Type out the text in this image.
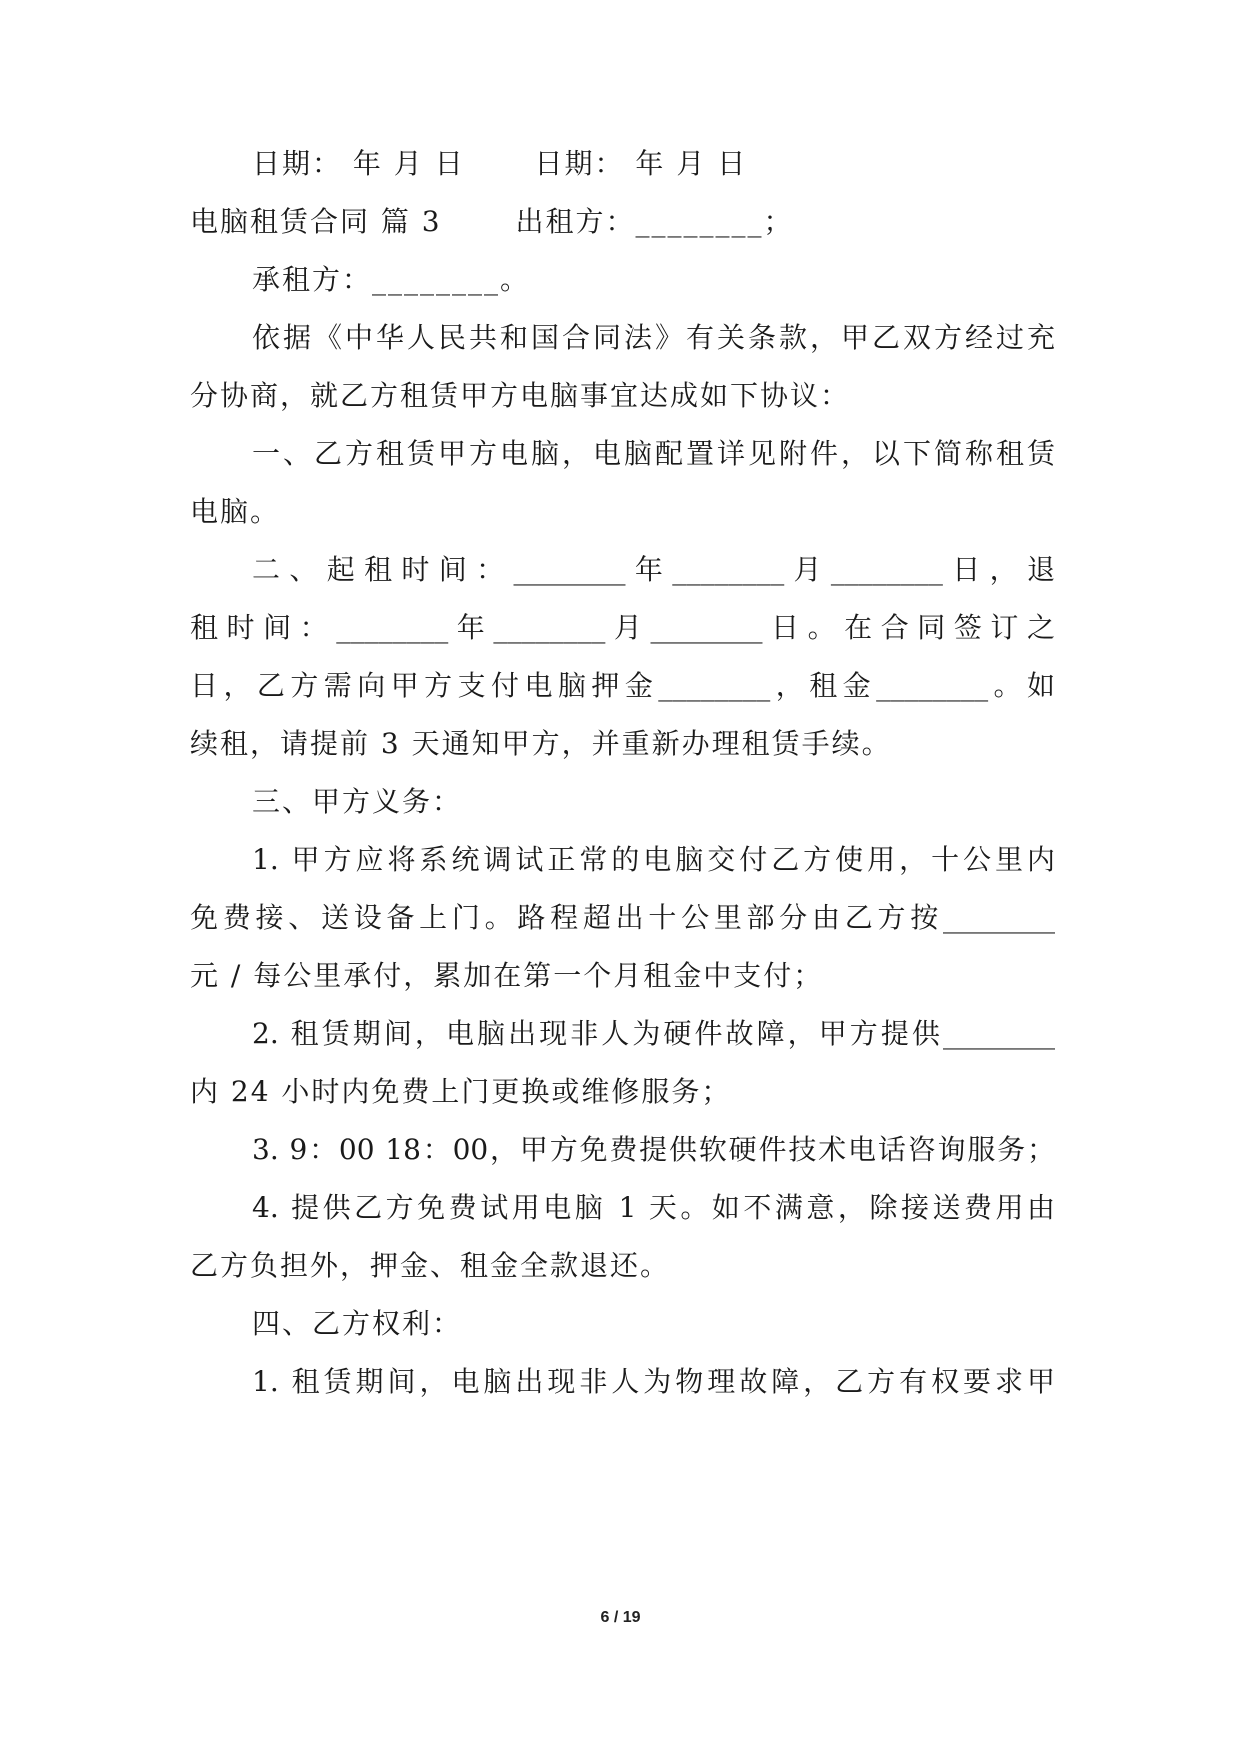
日期： 年 月 日 日期： 年 月 日
电脑租赁合同 篇 3	出租方：________；
承租方：________。
依据《中华人民共和国合同法》有关条款，甲乙双方经过充
分协商，就乙方租赁甲方电脑事宜达成如下协议：
一、乙方租赁甲方电脑，电脑配置详见附件，以下简称租赁
电脑。
二、起租时间：________年________月________日，退
租时间：________年________月________日。在合同签订之
日，乙方需向甲方支付电脑押金________，租金________。如
续租，请提前 3 天通知甲方，并重新办理租赁手续。
三、甲方义务：
1. 甲方应将系统调试正常的电脑交付乙方使用，十公里内
免费接、送设备上门。路程超出十公里部分由乙方按________
元 / 每公里承付，累加在第一个月租金中支付；
2. 租赁期间，电脑出现非人为硬件故障，甲方提供________
内 24 小时内免费上门更换或维修服务；
3. 9：00 18：00，甲方免费提供软硬件技术电话咨询服务；
4. 提供乙方免费试用电脑 1 天。如不满意，除接送费用由
乙方负担外，押金、租金全款退还。
四、乙方权利：
1. 租赁期间，电脑出现非人为物理故障，乙方有权要求甲
6 / 19
